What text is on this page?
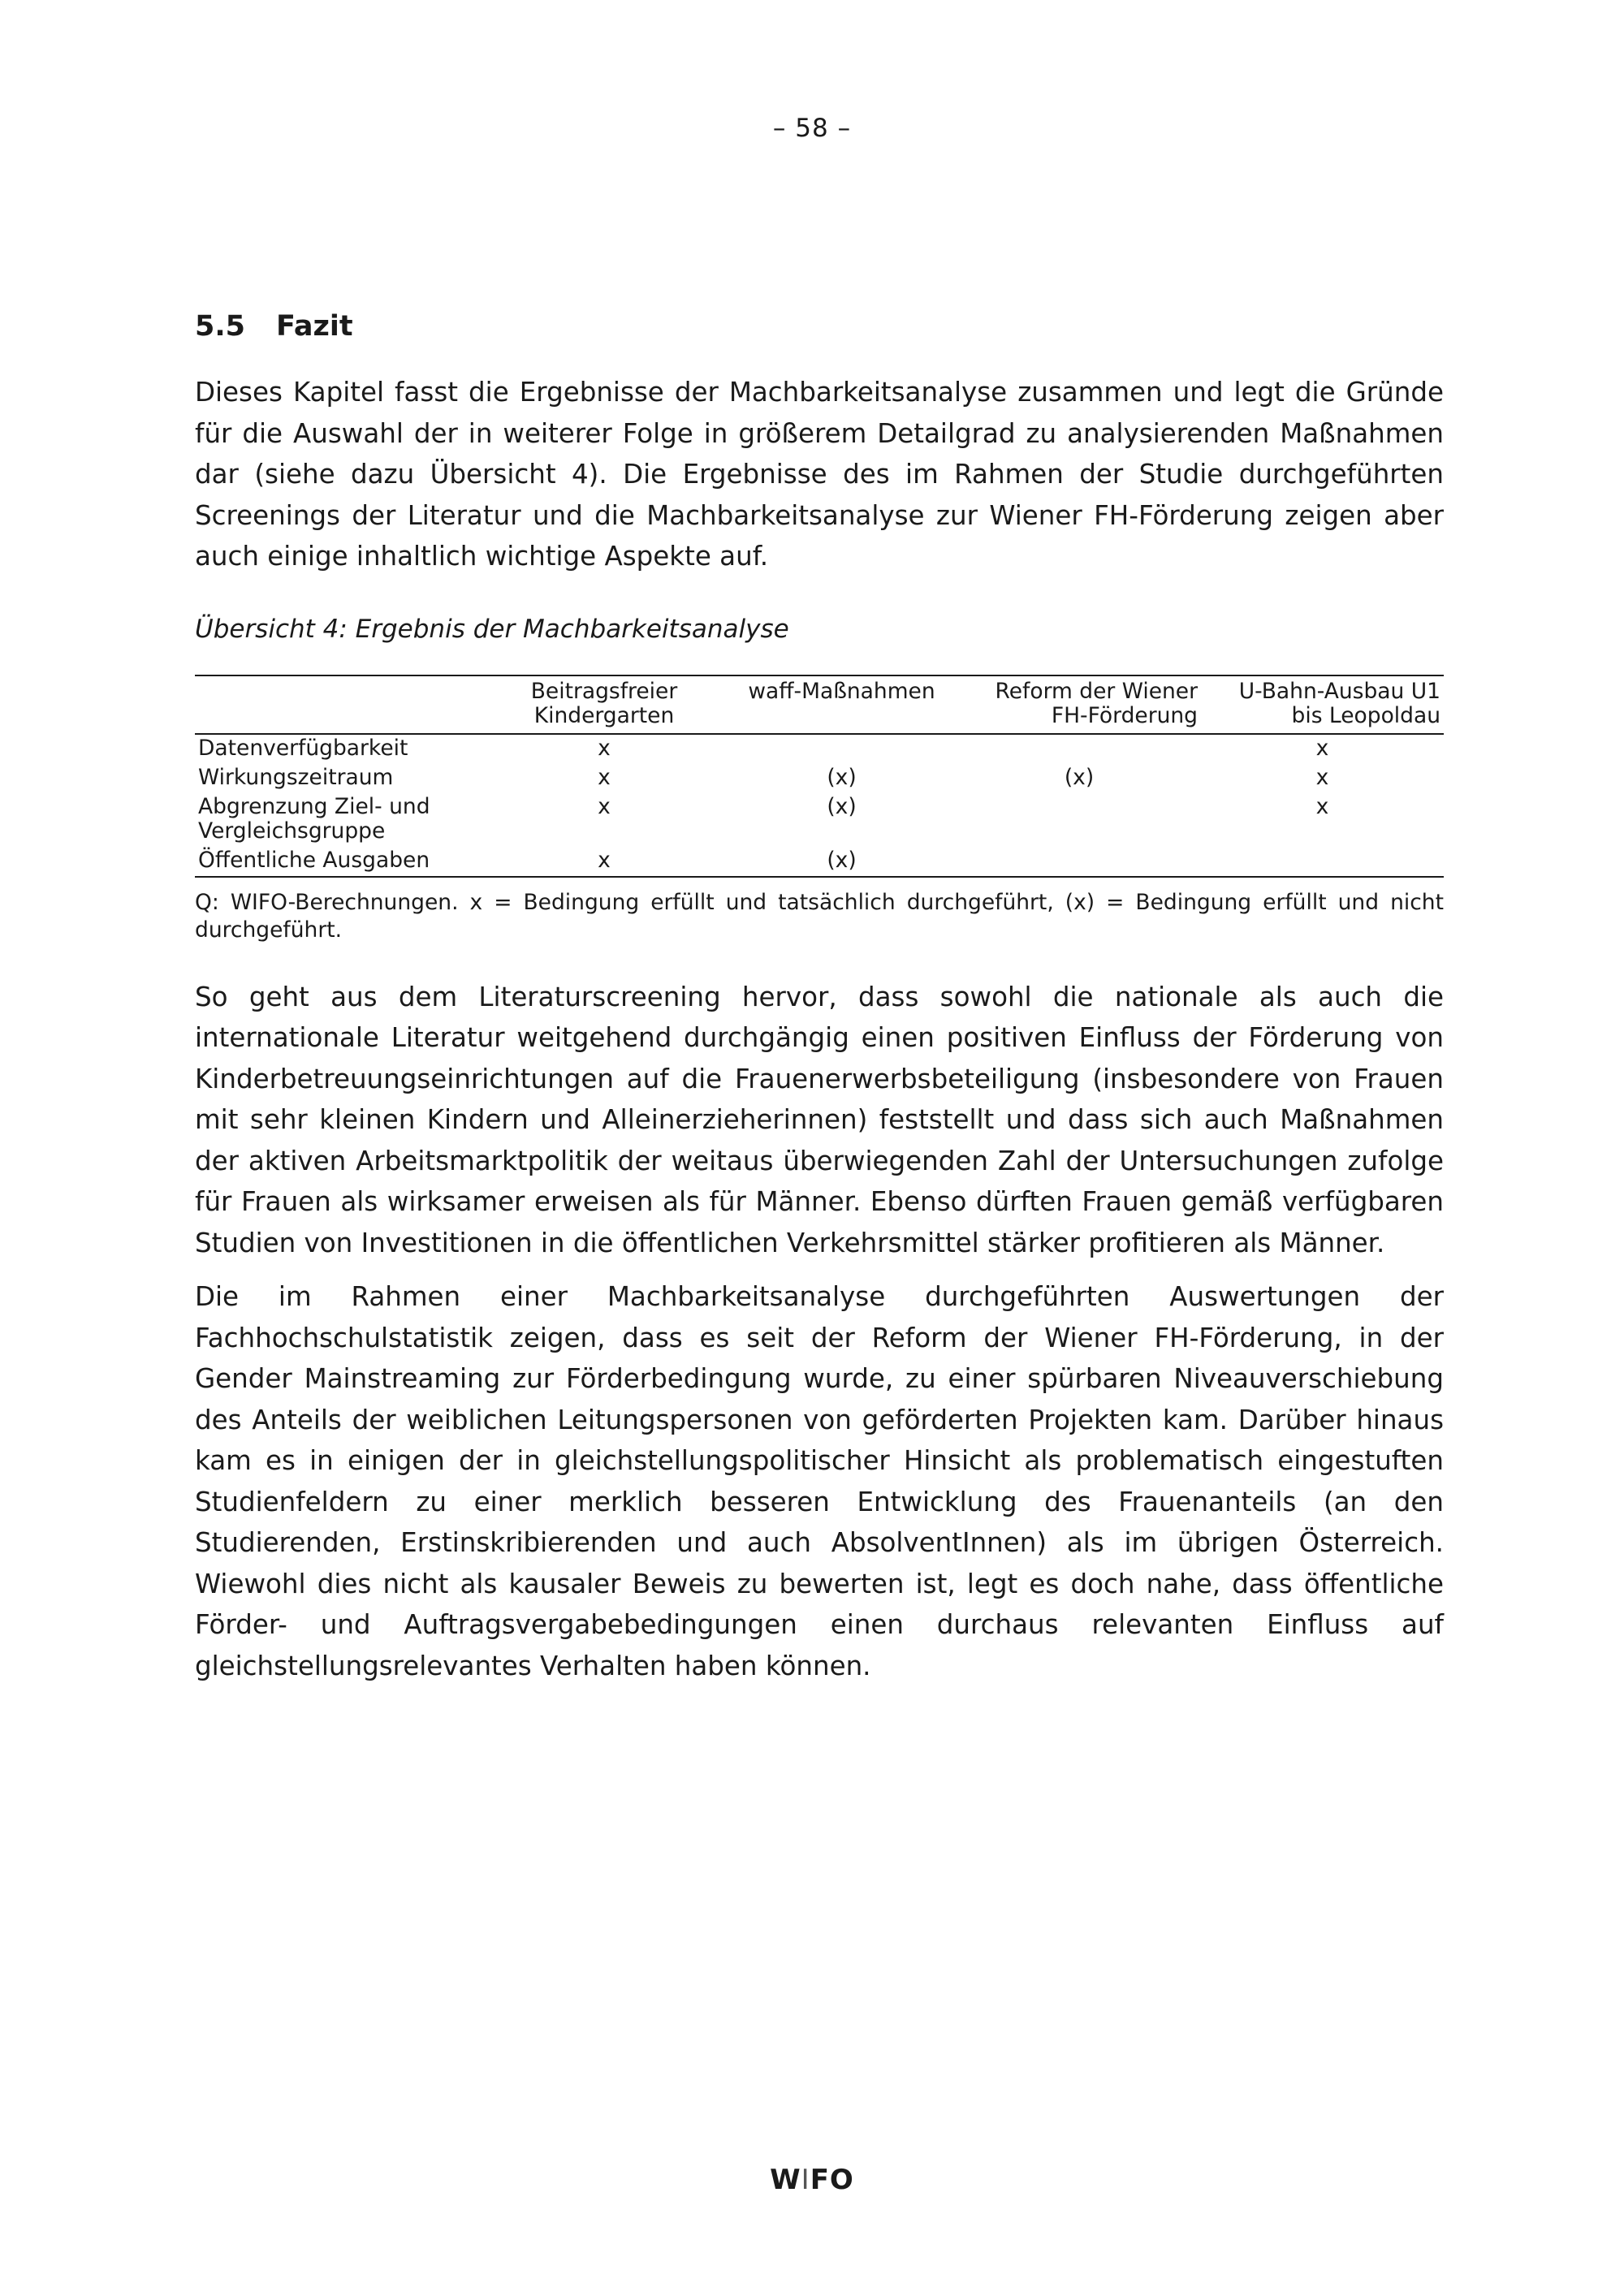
– 58 –
5.5 Fazit

Dieses Kapitel fasst die Ergebnisse der Machbarkeitsanalyse zusammen und legt die Gründe für die Auswahl der in weiterer Folge in größerem Detailgrad zu analysierenden Maßnahmen dar (siehe dazu Übersicht 4). Die Ergebnisse des im Rahmen der Studie durchgeführten Screenings der Literatur und die Machbarkeitsanalyse zur Wiener FH-Förderung zeigen aber auch einige inhaltlich wichtige Aspekte auf.

Übersicht 4: Ergebnis der Machbarkeitsanalyse
	Beitragsfreier Kindergarten	waff-Maßnahmen	Reform der Wiener FH-Förderung	U-Bahn-Ausbau U1 bis Leopoldau
Datenverfügbarkeit	x			x
Wirkungszeitraum	x	(x)	(x)	x
Abgrenzung Ziel- und Vergleichsgruppe	x	(x)		x
Öffentliche Ausgaben	x	(x)		
Q: WIFO-Berechnungen. x = Bedingung erfüllt und tatsächlich durchgeführt, (x) = Bedingung erfüllt und nicht durchgeführt.

So geht aus dem Literaturscreening hervor, dass sowohl die nationale als auch die internationale Literatur weitgehend durchgängig einen positiven Einfluss der Förderung von Kinderbetreuungseinrichtungen auf die Frauenerwerbsbeteiligung (insbesondere von Frauen mit sehr kleinen Kindern und Alleinerzieherinnen) feststellt und dass sich auch Maßnahmen der aktiven Arbeitsmarktpolitik der weitaus überwiegenden Zahl der Untersuchungen zufolge für Frauen als wirksamer erweisen als für Männer. Ebenso dürften Frauen gemäß verfügbaren Studien von Investitionen in die öffentlichen Verkehrsmittel stärker profitieren als Männer.

Die im Rahmen einer Machbarkeitsanalyse durchgeführten Auswertungen der Fachhochschulstatistik zeigen, dass es seit der Reform der Wiener FH-Förderung, in der Gender Mainstreaming zur Förderbedingung wurde, zu einer spürbaren Niveauverschiebung des Anteils der weiblichen Leitungspersonen von geförderten Projekten kam. Darüber hinaus kam es in einigen der in gleichstellungspolitischer Hinsicht als problematisch eingestuften Studienfeldern zu einer merklich besseren Entwicklung des Frauenanteils (an den Studierenden, Erstinskribierenden und auch AbsolventInnen) als im übrigen Österreich. Wiewohl dies nicht als kausaler Beweis zu bewerten ist, legt es doch nahe, dass öffentliche Förder- und Auftragsvergabebedingungen einen durchaus relevanten Einfluss auf gleichstellungsrelevantes Verhalten haben können.

WIFO
